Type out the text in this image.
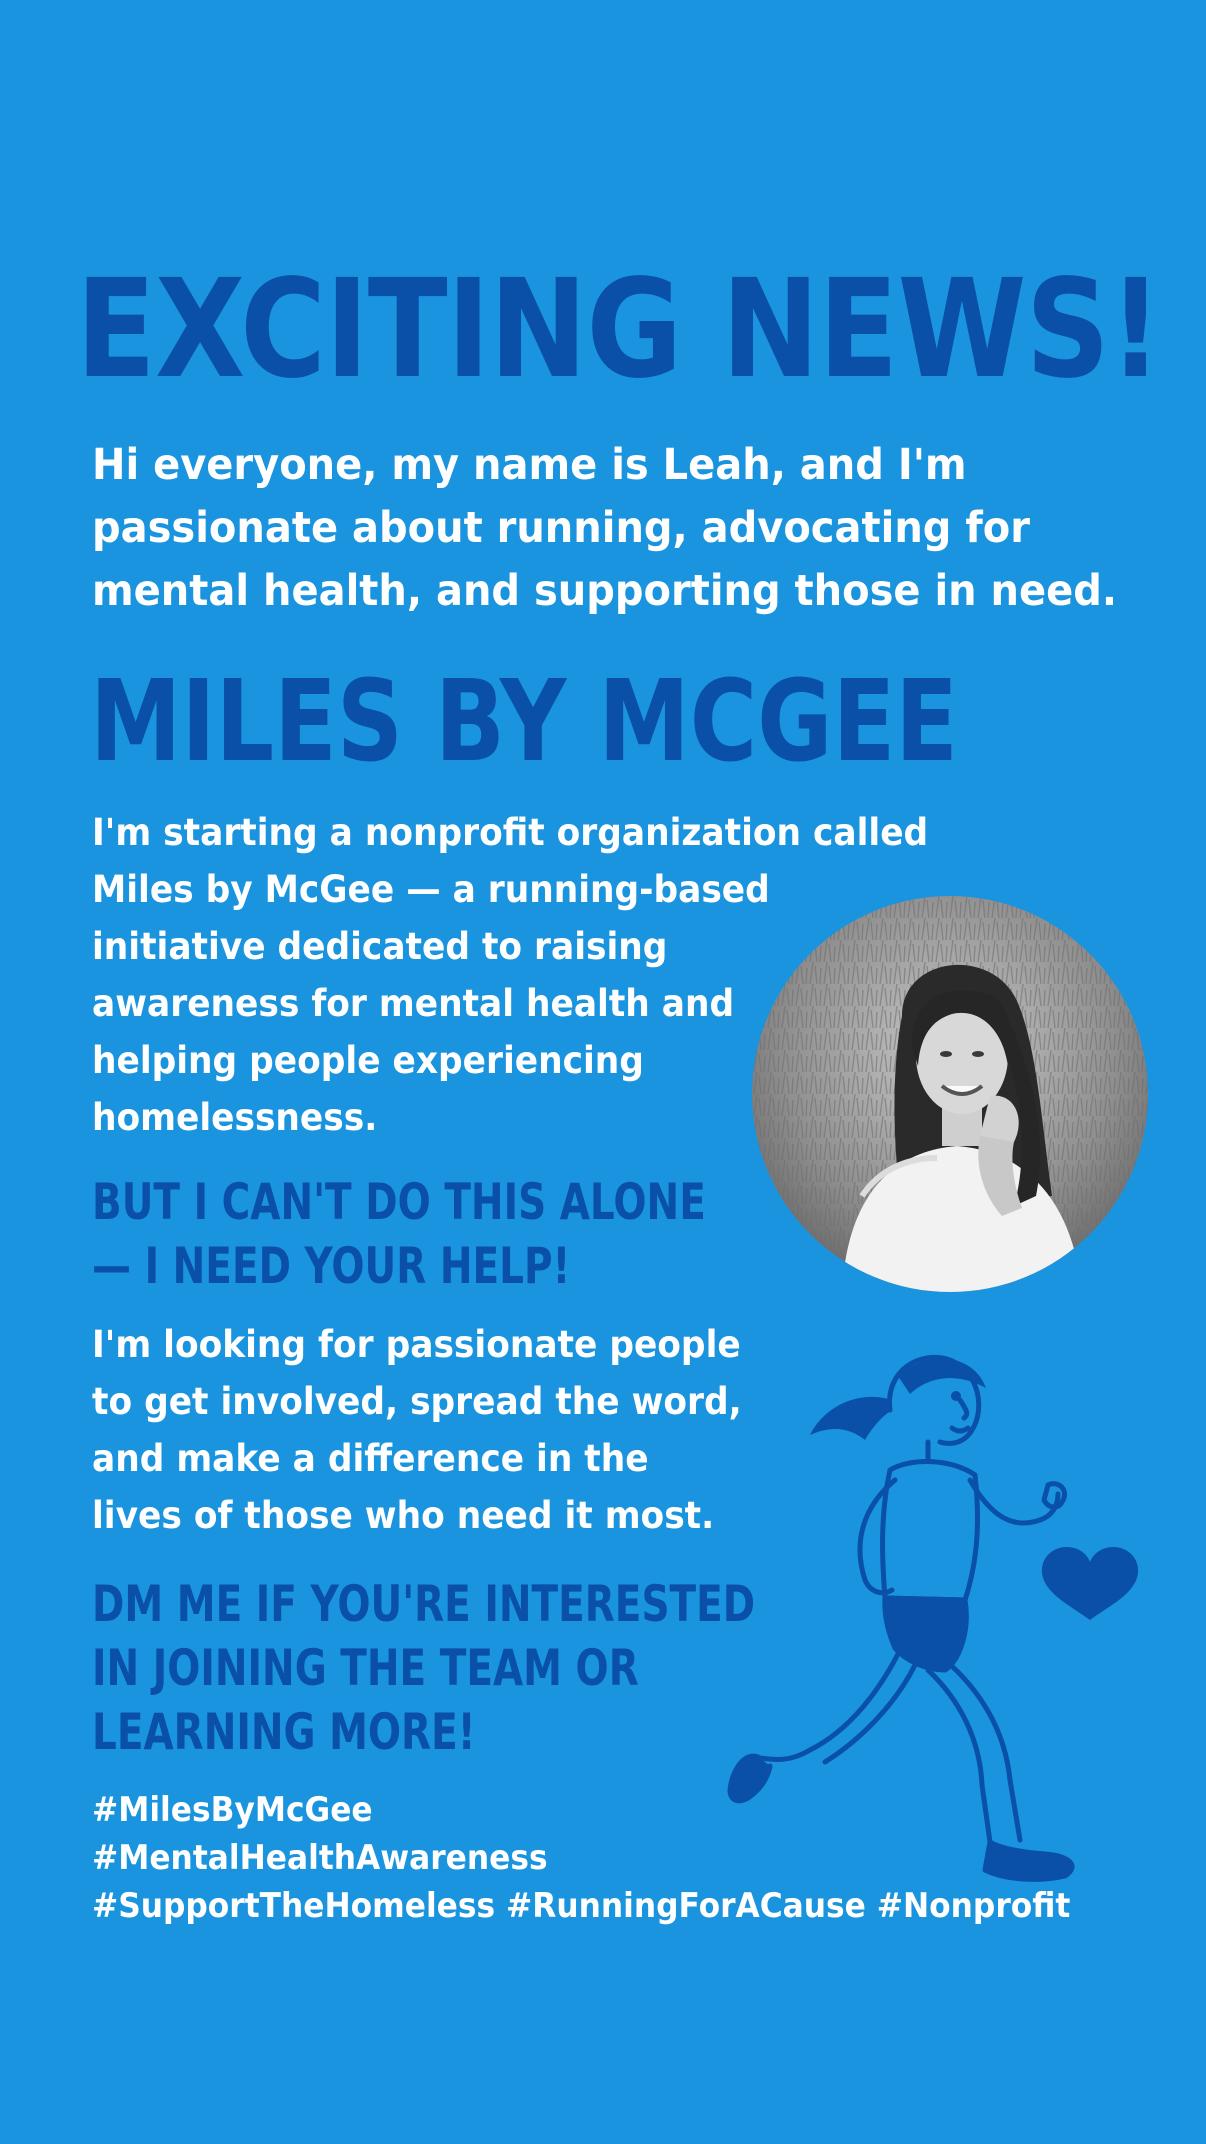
EXCITING NEWS!

Hi everyone, my name is Leah, and I'm
passionate about running, advocating for
mental health, and supporting those in need.

MILES BY MCGEE

I'm starting a nonprofit organization called
Miles by McGee — a running-based
initiative dedicated to raising
awareness for mental health and
helping people experiencing
homelessness.

BUT I CAN'T DO THIS ALONE
— I NEED YOUR HELP!

I'm looking for passionate people
to get involved, spread the word,
and make a difference in the
lives of those who need it most.

DM ME IF YOU'RE INTERESTED
IN JOINING THE TEAM OR
LEARNING MORE!

#MilesByMcGee
#MentalHealthAwareness
#SupportTheHomeless #RunningForACause #Nonprofit
